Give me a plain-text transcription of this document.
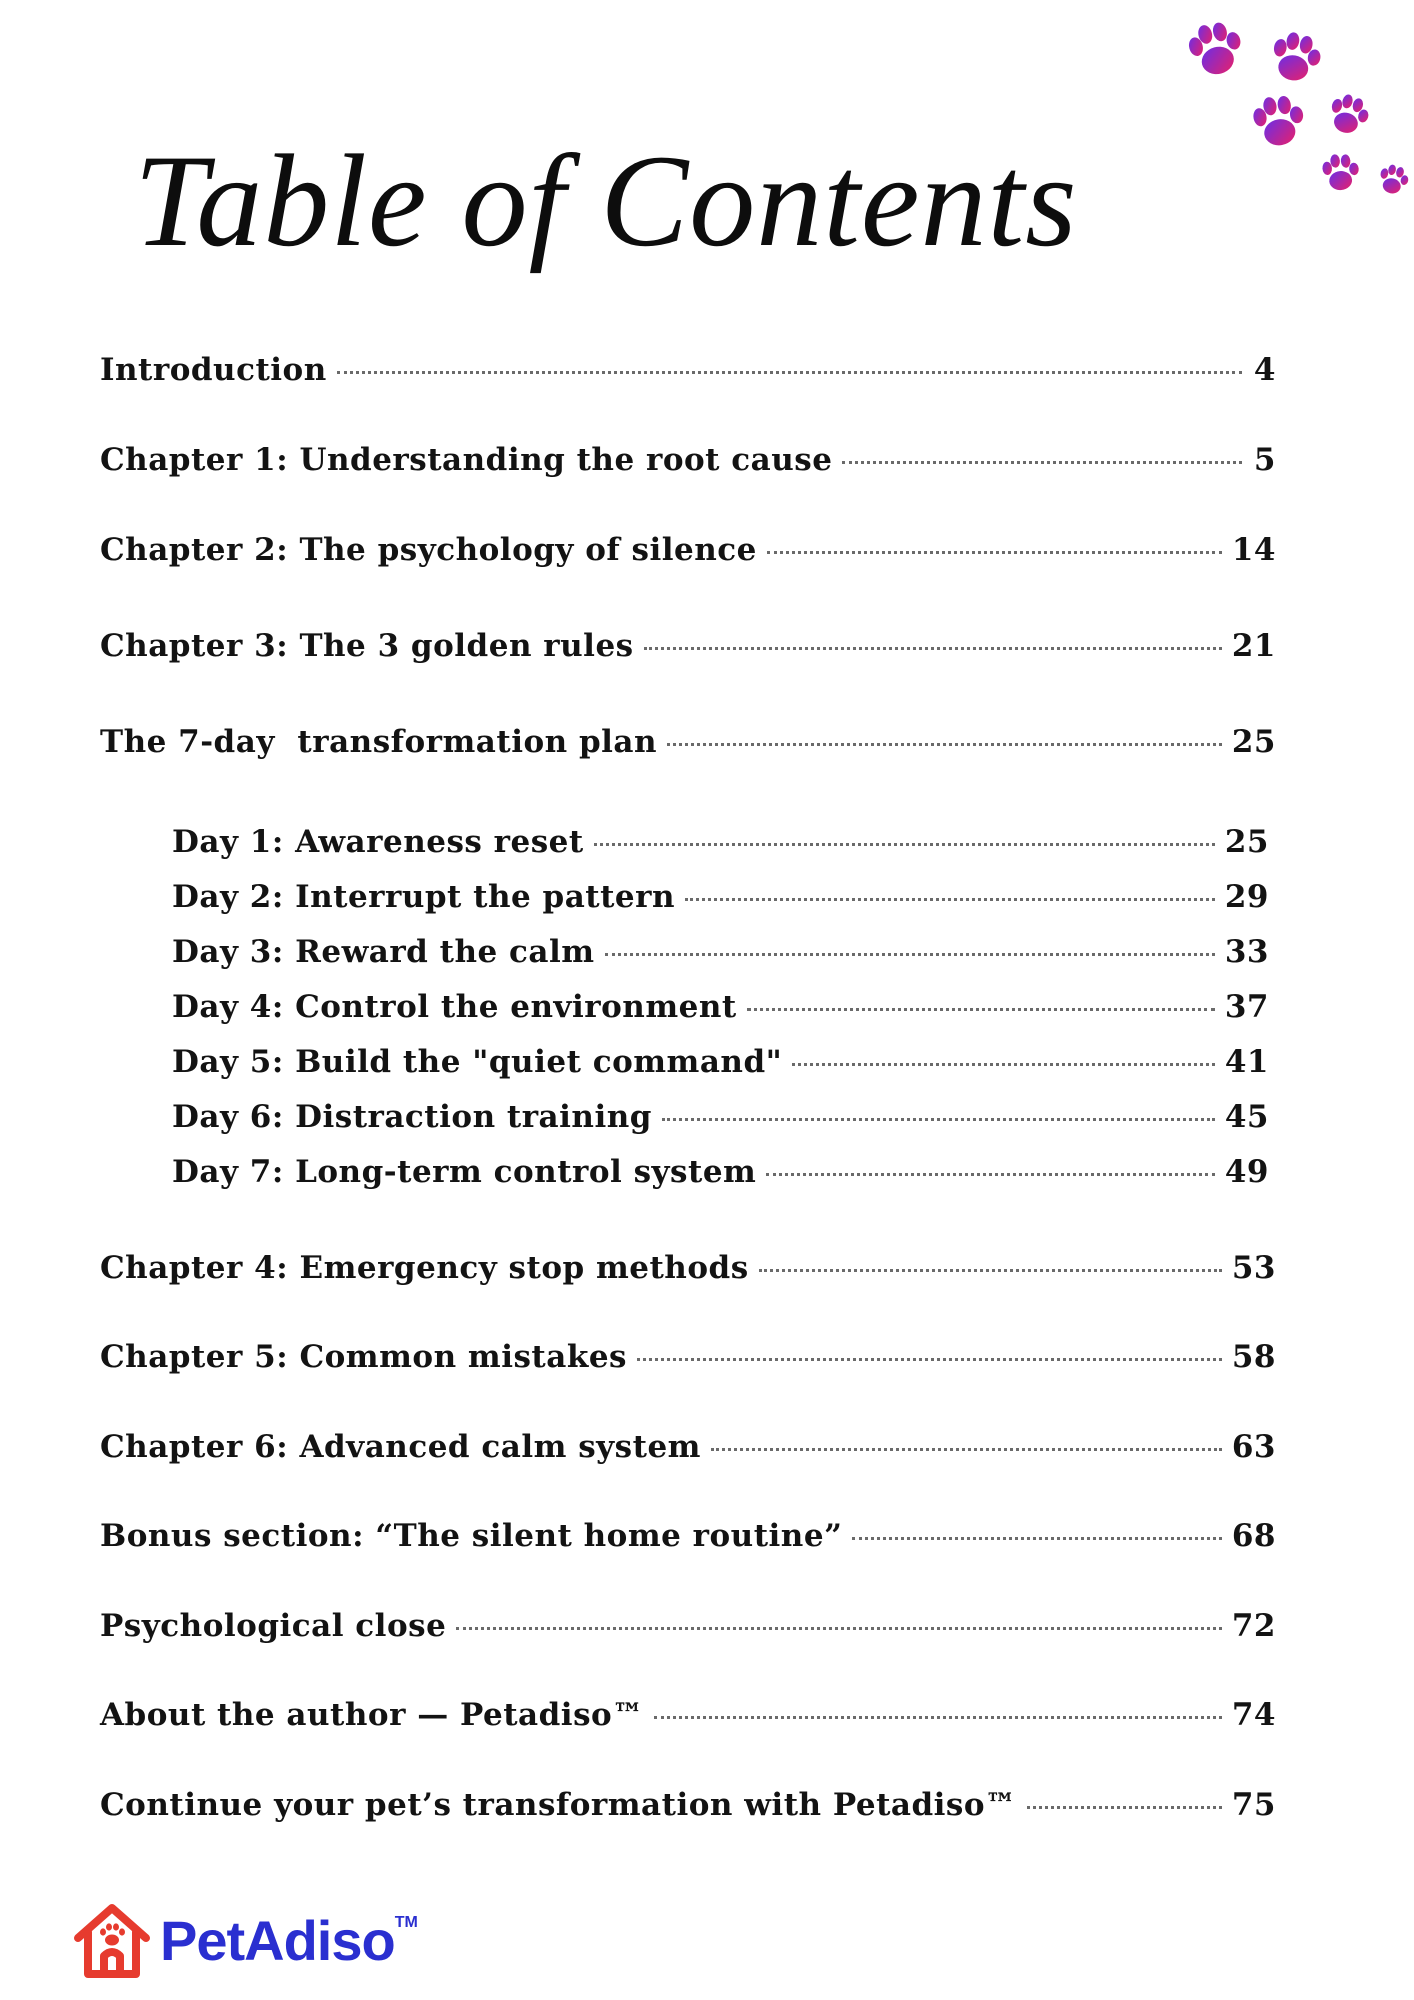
Table of Contents
Introduction	4
Chapter 1: Understanding the root cause	5
Chapter 2: The psychology of silence	14
Chapter 3: The 3 golden rules	21
The 7-day  transformation plan	25
Day 1: Awareness reset	25
Day 2: Interrupt the pattern	29
Day 3: Reward the calm	33
Day 4: Control the environment	37
Day 5: Build the "quiet command"	41
Day 6: Distraction training	45
Day 7: Long-term control system	49
Chapter 4: Emergency stop methods	53
Chapter 5: Common mistakes	58
Chapter 6: Advanced calm system	63
Bonus section: “The silent home routine”	68
Psychological close	72
About the author — Petadiso™	74
Continue your pet’s transformation with Petadiso™	75
PetAdiso TM
